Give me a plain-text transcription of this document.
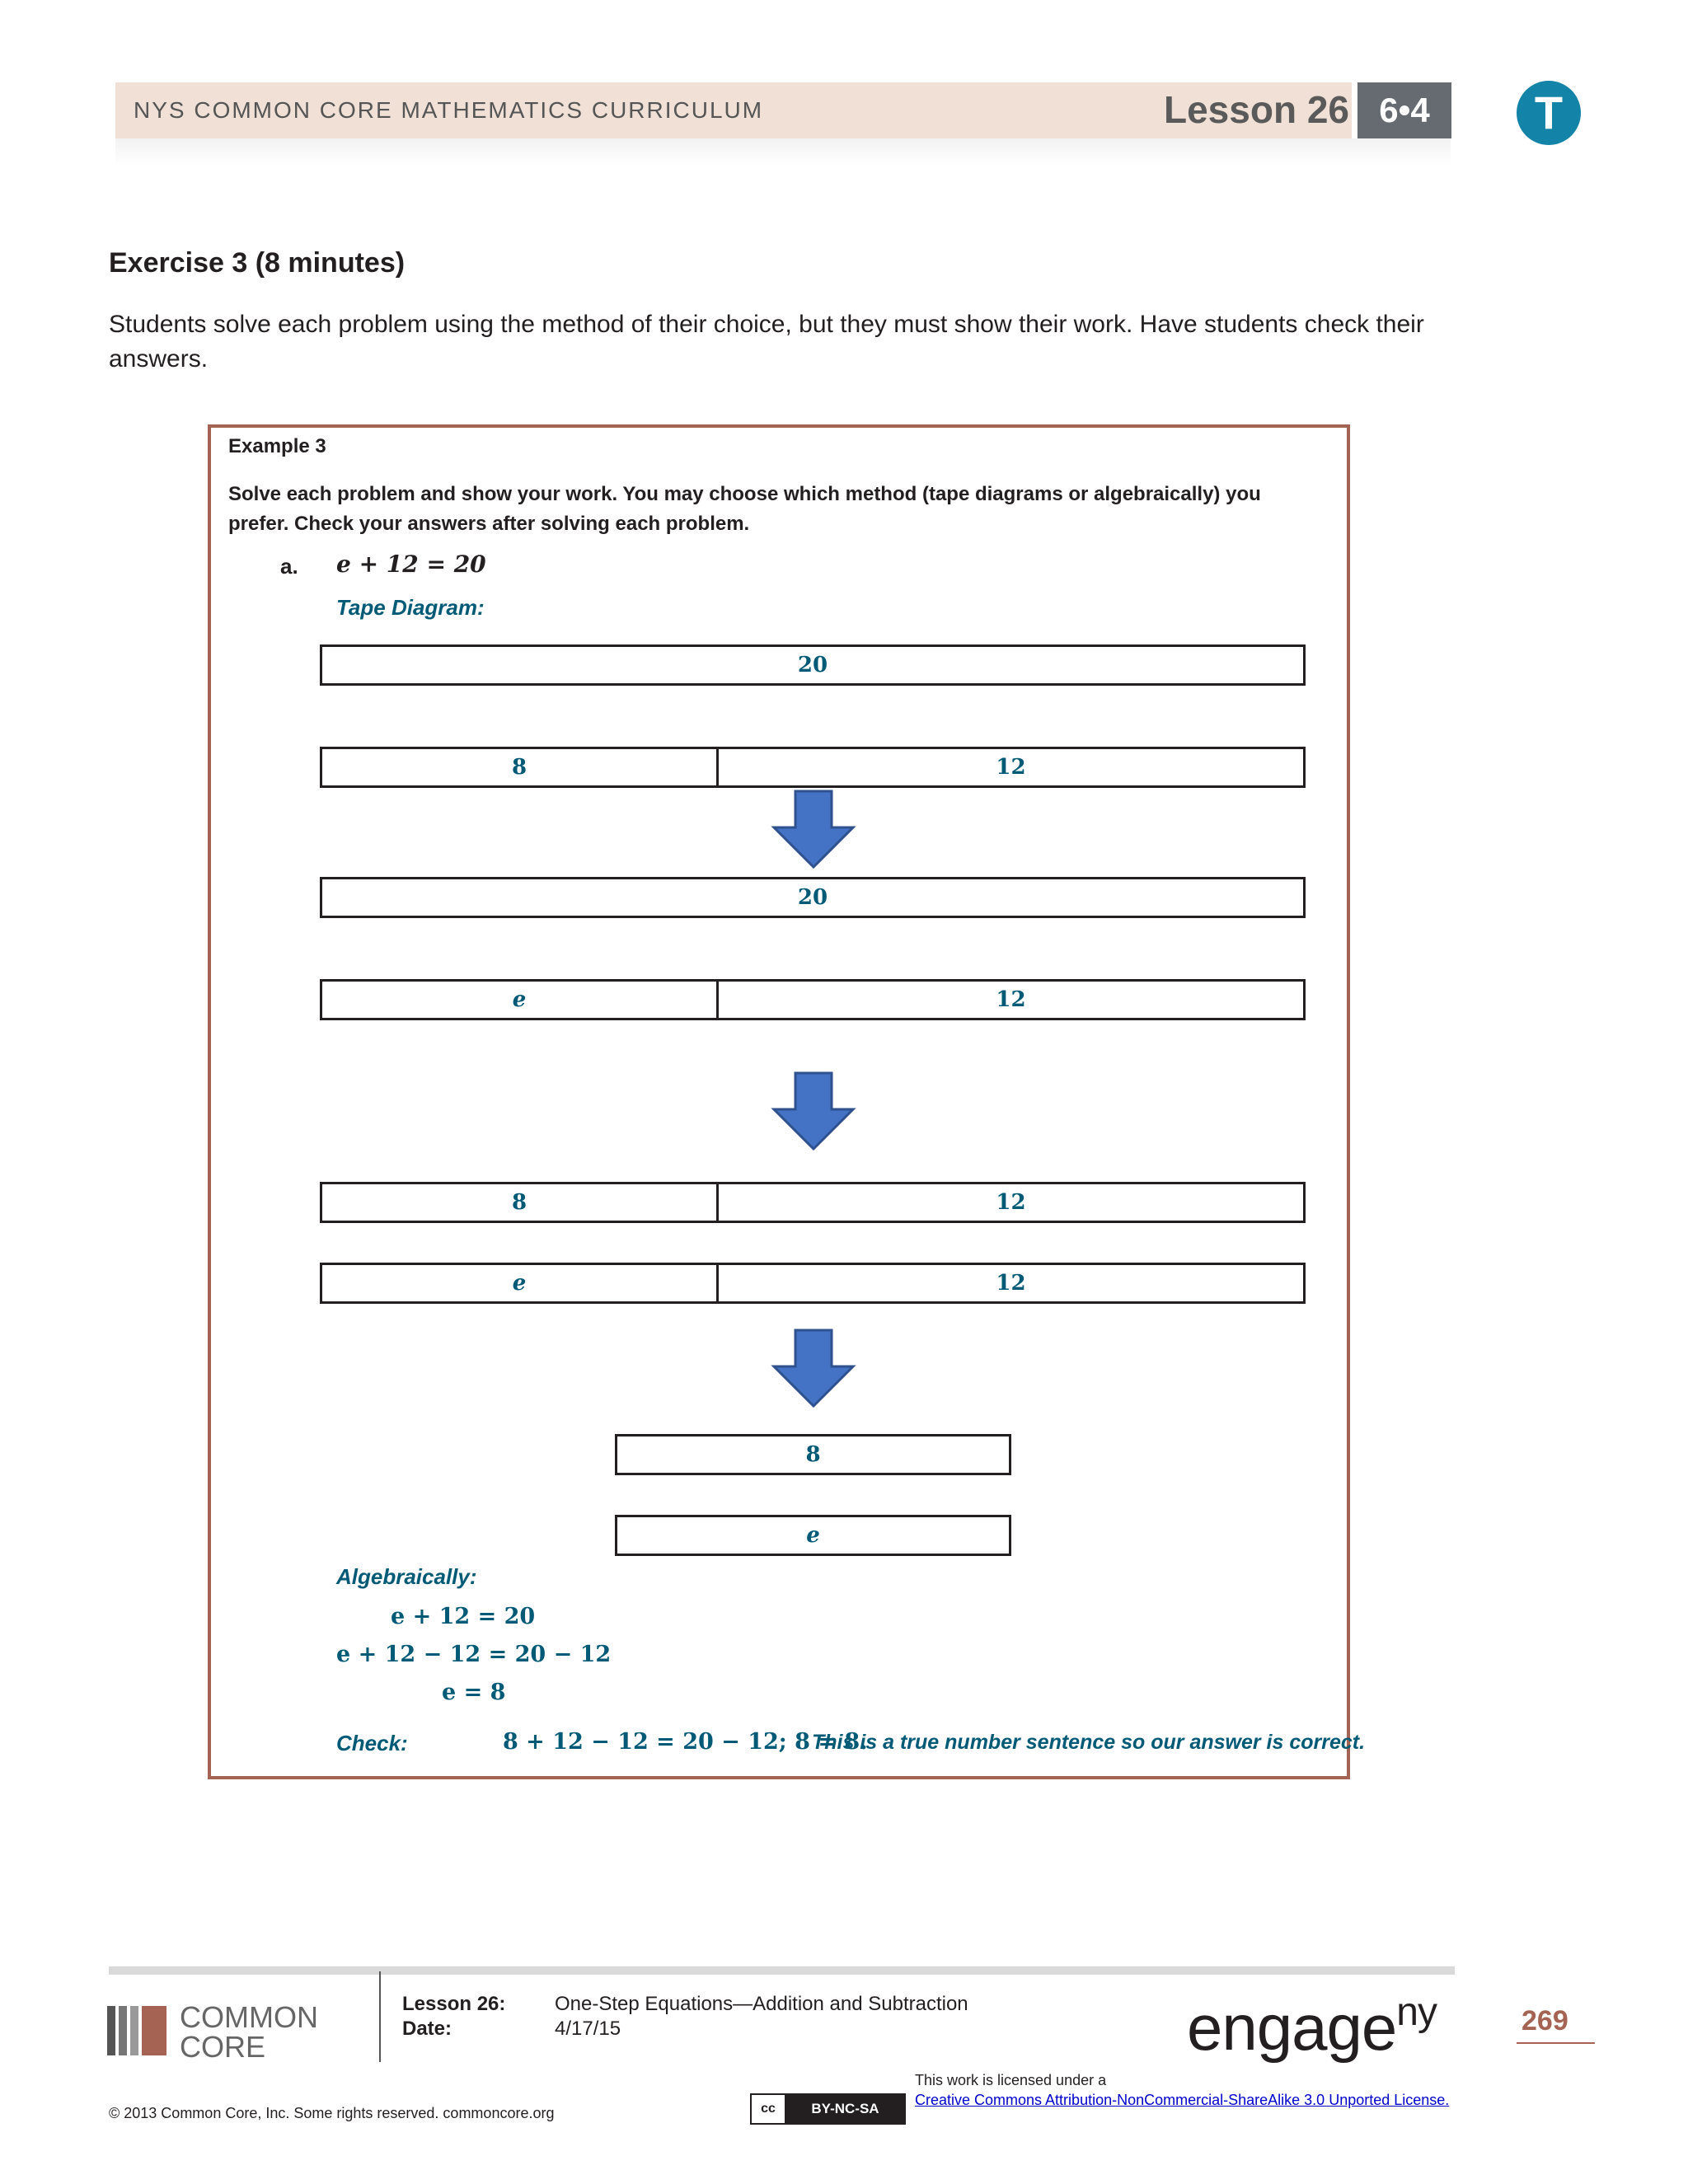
NYS COMMON CORE MATHEMATICS CURRICULUM	Lesson 26 6•4	T
Exercise 3 (8 minutes)
Students solve each problem using the method of their choice, but they must show their work. Have students check their answers.
Example 3
Solve each problem and show your work. You may choose which method (tape diagrams or algebraically) you prefer. Check your answers after solving each problem.
a. e + 12 = 20
Tape Diagram:
20
8	12
20
e	12
8	12
e	12
8
e
Algebraically:
e + 12 = 20
e + 12 − 12 = 20 − 12
e = 8
Check:	8 + 12 − 12 = 20 − 12; 8 = 8.
This is a true number sentence so our answer is correct.
COMMON
CORE
Lesson 26: One-Step Equations—Addition and Subtraction
Date:	4/17/15	engage$^{ny}$	269
© 2013 Common Core, Inc. Some rights reserved. commoncore.org	cc	BY-NC-SA
This work is licensed under a
Creative Commons Attribution-NonCommercial-ShareAlike 3.0 Unported License.
